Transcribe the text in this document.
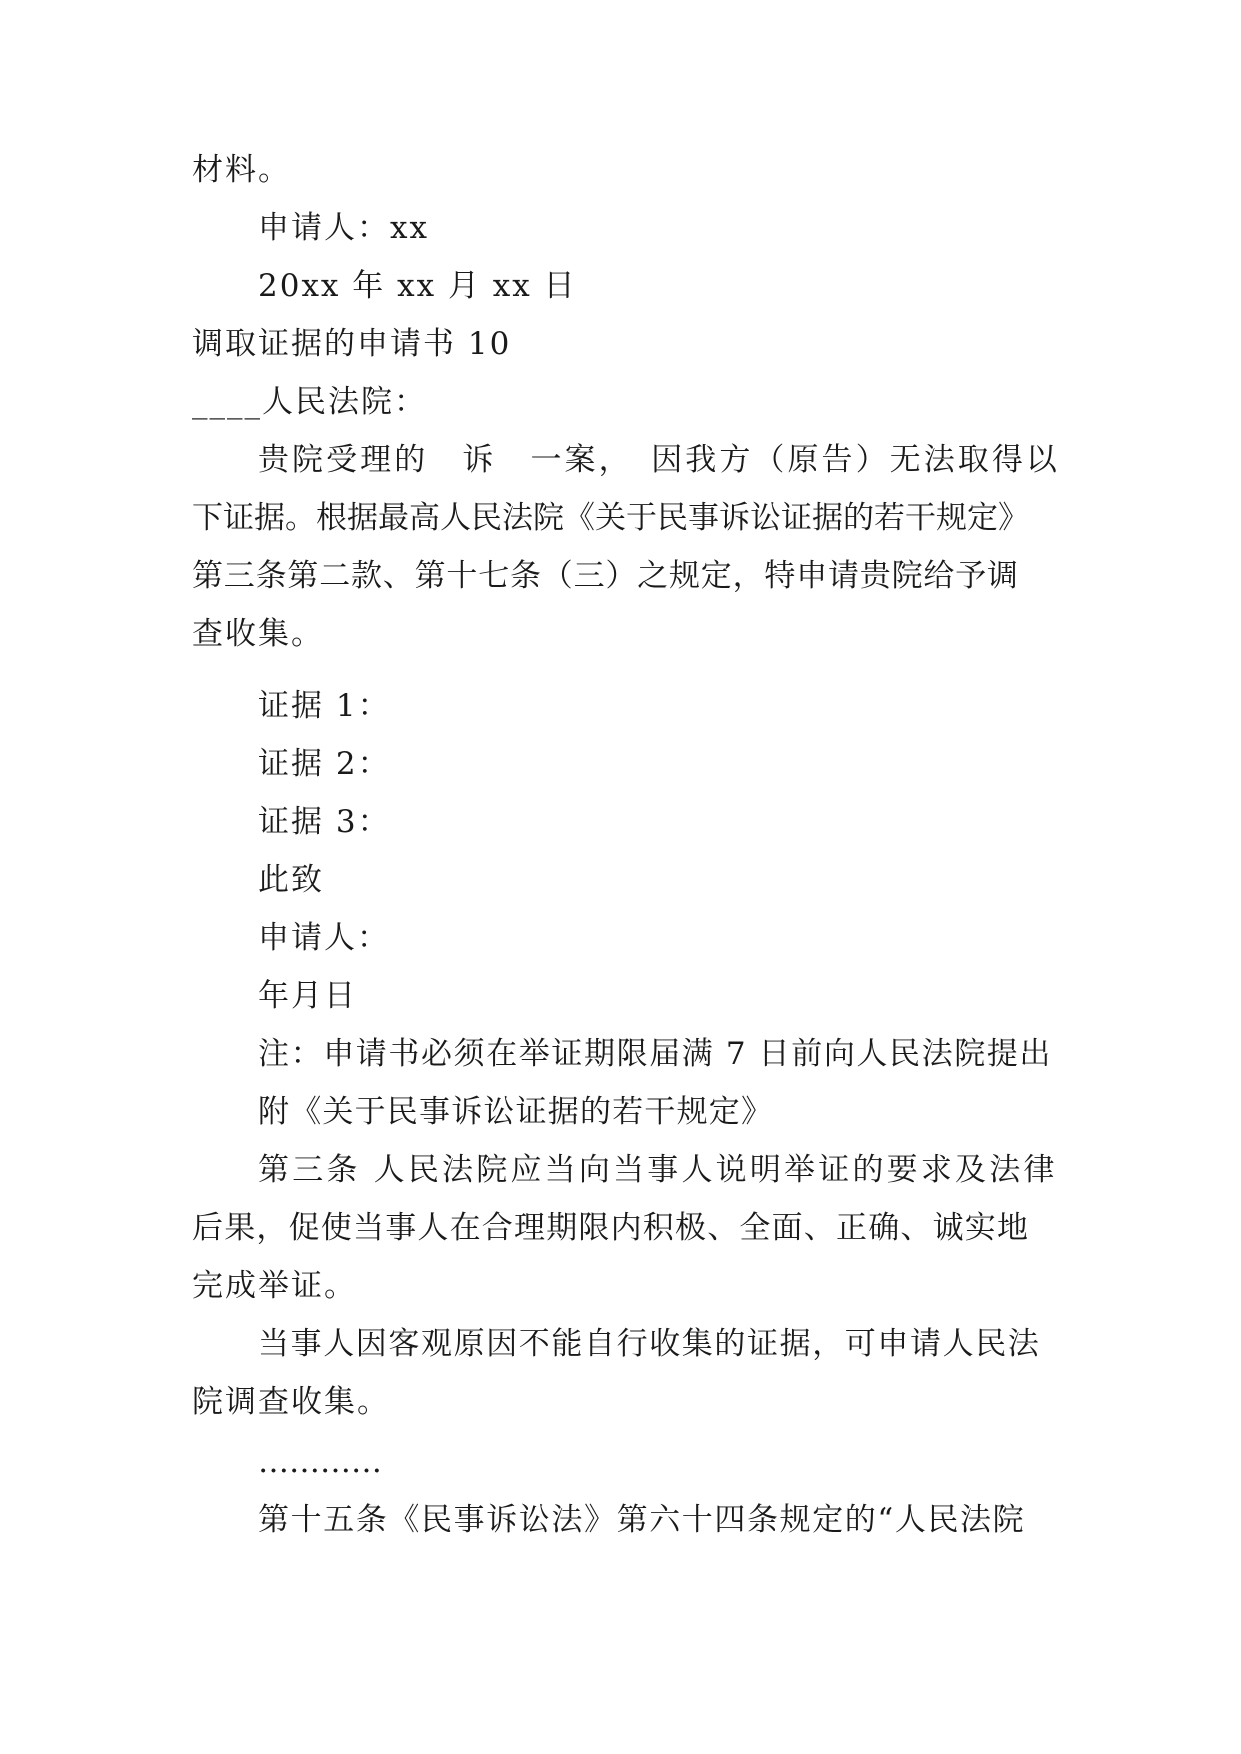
材料。
申请人：xx
20xx 年 xx 月 xx 日
调取证据的申请书 10
____人民法院：
贵院受理的　诉　一案，　因我方（原告）无法取得以
下证据。根据最高人民法院《关于民事诉讼证据的若干规定》
第三条第二款、第十七条（三）之规定，特申请贵院给予调
查收集。
证据 1：
证据 2：
证据 3：
此致
申请人：
年月日
注：申请书必须在举证期限届满 7 日前向人民法院提出
附《关于民事诉讼证据的若干规定》
第三条 人民法院应当向当事人说明举证的要求及法律
后果，促使当事人在合理期限内积极、全面、正确、诚实地
完成举证。
当事人因客观原因不能自行收集的证据，可申请人民法
院调查收集。
…………
第十五条《民事诉讼法》第六十四条规定的“人民法院
